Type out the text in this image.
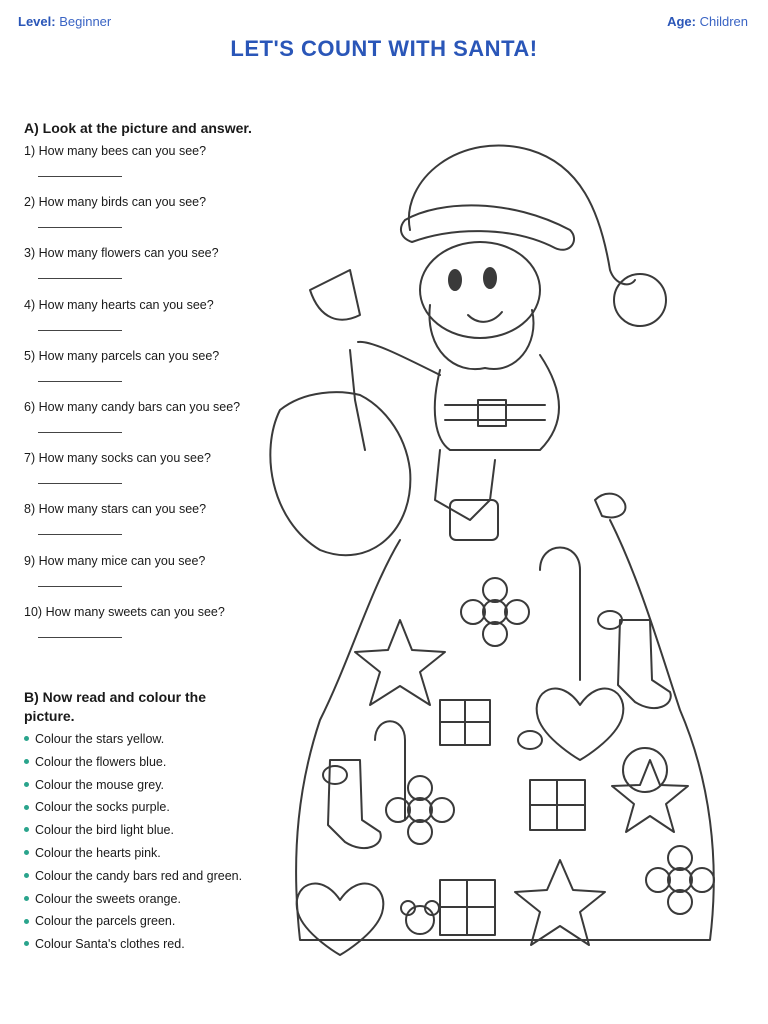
Level: Beginner	Age: Children
LET'S COUNT WITH SANTA!
A) Look at the picture and answer.
1) How many bees can you see?
2) How many birds can you see?
3) How many flowers can you see?
4) How many hearts can you see?
5) How many parcels can you see?
6) How many candy bars can you see?
7) How many socks can you see?
8) How many stars can you see?
9) How many mice can you see?
10) How many sweets can you see?
B) Now read and colour the
picture.
Colour the stars yellow.
Colour the flowers blue.
Colour the mouse grey.
Colour the socks purple.
Colour the bird light blue.
Colour the hearts pink.
Colour the candy bars red and green.
Colour the sweets orange.
Colour the parcels green.
Colour Santa's clothes red.
